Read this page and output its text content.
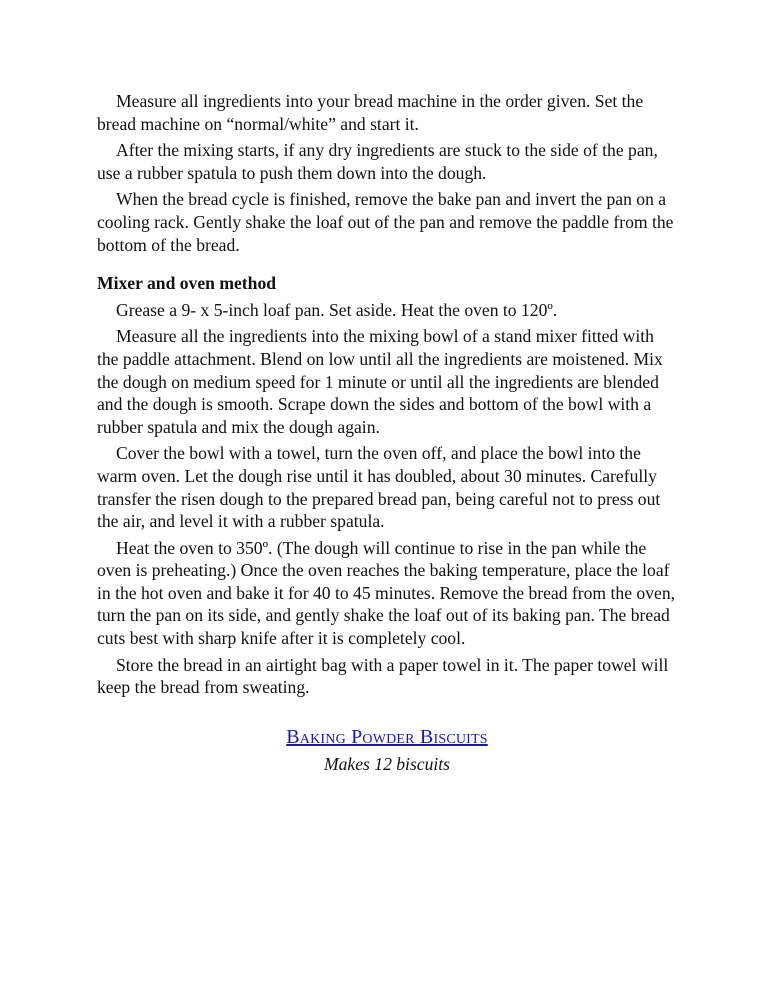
Measure all ingredients into your bread machine in the order given. Set the bread machine on “normal/white” and start it.

After the mixing starts, if any dry ingredients are stuck to the side of the pan, use a rubber spatula to push them down into the dough.

When the bread cycle is finished, remove the bake pan and invert the pan on a cooling rack. Gently shake the loaf out of the pan and remove the paddle from the bottom of the bread.

Mixer and oven method

Grease a 9- x 5-inch loaf pan. Set aside. Heat the oven to 120º.

Measure all the ingredients into the mixing bowl of a stand mixer fitted with the paddle attachment. Blend on low until all the ingredients are moistened. Mix the dough on medium speed for 1 minute or until all the ingredients are blended and the dough is smooth. Scrape down the sides and bottom of the bowl with a rubber spatula and mix the dough again.

Cover the bowl with a towel, turn the oven off, and place the bowl into the warm oven. Let the dough rise until it has doubled, about 30 minutes. Carefully transfer the risen dough to the prepared bread pan, being careful not to press out the air, and level it with a rubber spatula.

Heat the oven to 350º. (The dough will continue to rise in the pan while the oven is preheating.) Once the oven reaches the baking temperature, place the loaf in the hot oven and bake it for 40 to 45 minutes. Remove the bread from the oven, turn the pan on its side, and gently shake the loaf out of its baking pan. The bread cuts best with sharp knife after it is completely cool.

Store the bread in an airtight bag with a paper towel in it. The paper towel will keep the bread from sweating.

Baking Powder Biscuits
Makes 12 biscuits
